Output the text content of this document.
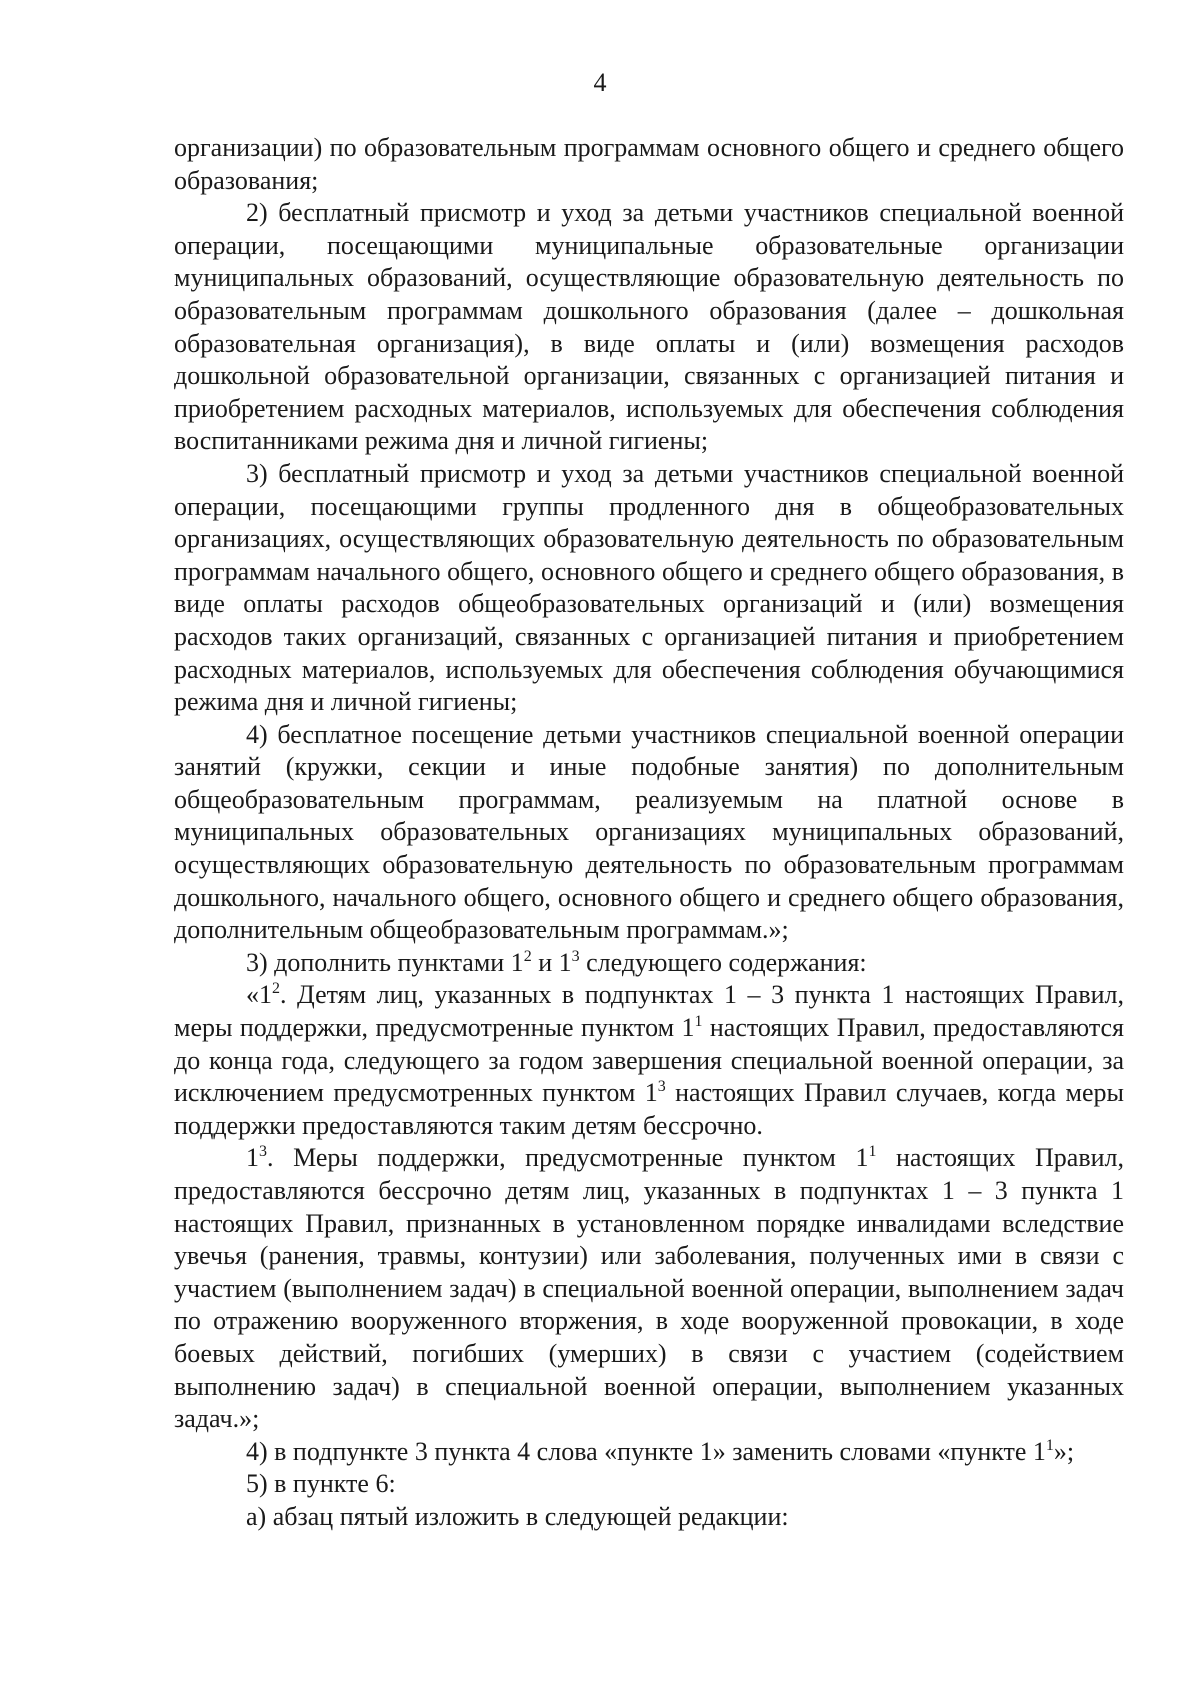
4

организации) по образовательным программам основного общего и среднего общего образования;

2) бесплатный присмотр и уход за детьми участников специальной военной операции, посещающими муниципальные образовательные организации муниципальных образований, осуществляющие образовательную деятельность по образовательным программам дошкольного образования (далее – дошкольная образовательная организация), в виде оплаты и (или) возмещения расходов дошкольной образовательной организации, связанных с организацией питания и приобретением расходных материалов, используемых для обеспечения соблюдения воспитанниками режима дня и личной гигиены;

3) бесплатный присмотр и уход за детьми участников специальной военной операции, посещающими группы продленного дня в общеобразовательных организациях, осуществляющих образовательную деятельность по образовательным программам начального общего, основного общего и среднего общего образования, в виде оплаты расходов общеобразовательных организаций и (или) возмещения расходов таких организаций, связанных с организацией питания и приобретением расходных материалов, используемых для обеспечения соблюдения обучающимися режима дня и личной гигиены;

4) бесплатное посещение детьми участников специальной военной операции занятий (кружки, секции и иные подобные занятия) по дополнительным общеобразовательным программам, реализуемым на платной основе в муниципальных образовательных организациях муниципальных образований, осуществляющих образовательную деятельность по образовательным программам дошкольного, начального общего, основного общего и среднего общего образования, дополнительным общеобразовательным программам.»;

3) дополнить пунктами $1^2$ и $1^3$ следующего содержания:

«$1^2$. Детям лиц, указанных в подпунктах 1 – 3 пункта 1 настоящих Правил, меры поддержки, предусмотренные пунктом $1^1$ настоящих Правил, предоставляются до конца года, следующего за годом завершения специальной военной операции, за исключением предусмотренных пунктом $1^3$ настоящих Правил случаев, когда меры поддержки предоставляются таким детям бессрочно.

$1^3$. Меры поддержки, предусмотренные пунктом $1^1$ настоящих Правил, предоставляются бессрочно детям лиц, указанных в подпунктах 1 – 3 пункта 1 настоящих Правил, признанных в установленном порядке инвалидами вследствие увечья (ранения, травмы, контузии) или заболевания, полученных ими в связи с участием (выполнением задач) в специальной военной операции, выполнением задач по отражению вооруженного вторжения, в ходе вооруженной провокации, в ходе боевых действий, погибших (умерших) в связи с участием (содействием выполнению задач) в специальной военной операции, выполнением указанных задач.»;

4) в подпункте 3 пункта 4 слова «пункте 1» заменить словами «пункте $1^1$»;

5) в пункте 6:

а) абзац пятый изложить в следующей редакции:
